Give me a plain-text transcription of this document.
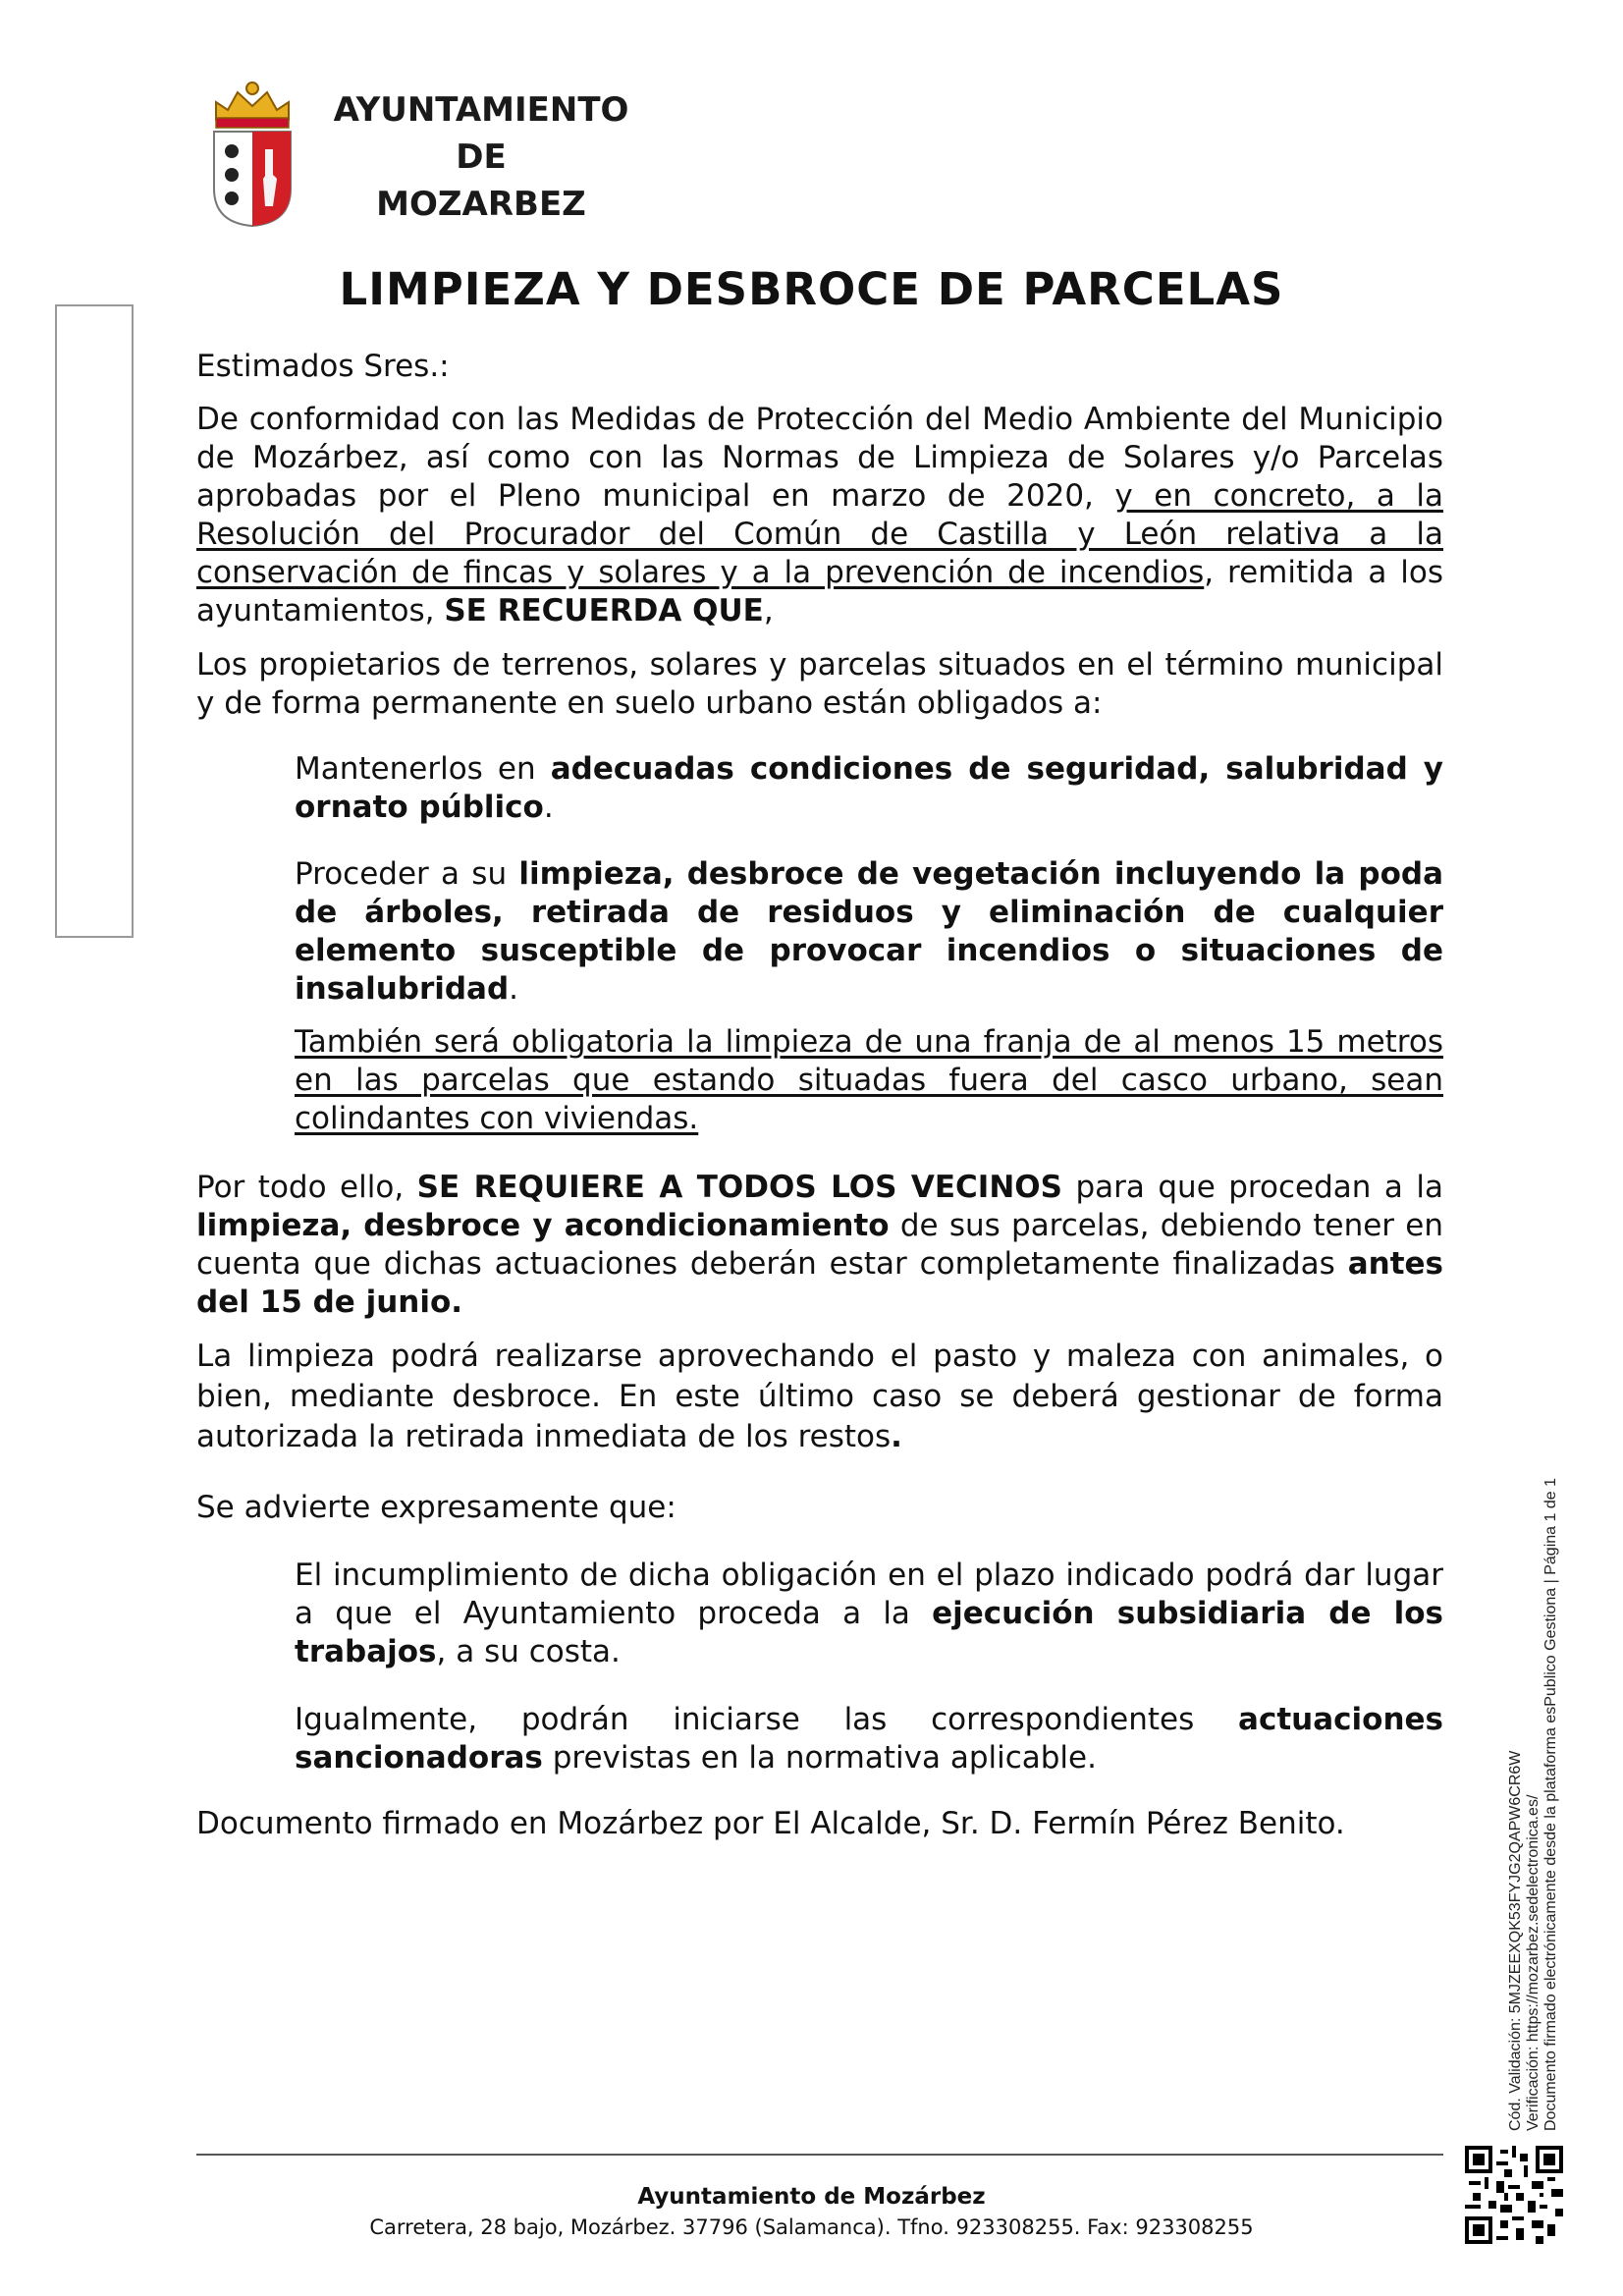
AYUNTAMIENTO
DE
MOZARBEZ
LIMPIEZA Y DESBROCE DE PARCELAS
Estimados Sres.:
De conformidad con las Medidas de Protección del Medio Ambiente del Municipio de Mozárbez, así como con las Normas de Limpieza de Solares y/o Parcelas aprobadas por el Pleno municipal en marzo de 2020, y en concreto, a la Resolución del Procurador del Común de Castilla y León relativa a la conservación de fincas y solares y a la prevención de incendios, remitida a los ayuntamientos, SE RECUERDA QUE,
Los propietarios de terrenos, solares y parcelas situados en el término municipal y de forma permanente en suelo urbano están obligados a:
Mantenerlos en adecuadas condiciones de seguridad, salubridad y ornato público.
Proceder a su limpieza, desbroce de vegetación incluyendo la poda de árboles, retirada de residuos y eliminación de cualquier elemento susceptible de provocar incendios o situaciones de insalubridad.
También será obligatoria la limpieza de una franja de al menos 15 metros en las parcelas que estando situadas fuera del casco urbano, sean colindantes con viviendas.
Por todo ello, SE REQUIERE A TODOS LOS VECINOS para que procedan a la limpieza, desbroce y acondicionamiento de sus parcelas, debiendo tener en cuenta que dichas actuaciones deberán estar completamente finalizadas antes del 15 de junio.
La limpieza podrá realizarse aprovechando el pasto y maleza con animales, o bien, mediante desbroce. En este último caso se deberá gestionar de forma autorizada la retirada inmediata de los restos.
Se advierte expresamente que:
El incumplimiento de dicha obligación en el plazo indicado podrá dar lugar a que el Ayuntamiento proceda a la ejecución subsidiaria de los trabajos, a su costa.
Igualmente, podrán iniciarse las correspondientes actuaciones sancionadoras previstas en la normativa aplicable.
Documento firmado en Mozárbez por El Alcalde, Sr. D. Fermín Pérez Benito.
Ayuntamiento de Mozárbez
Carretera, 28 bajo, Mozárbez. 37796 (Salamanca). Tfno. 923308255. Fax: 923308255
Cód. Validación: 5MJZEEXQK53FYJG2QAPW6CR6W Verificación: https://mozarbez.sedelectronica.es/ Documento firmado electrónicamente desde la plataforma esPublico Gestiona | Página 1 de 1
